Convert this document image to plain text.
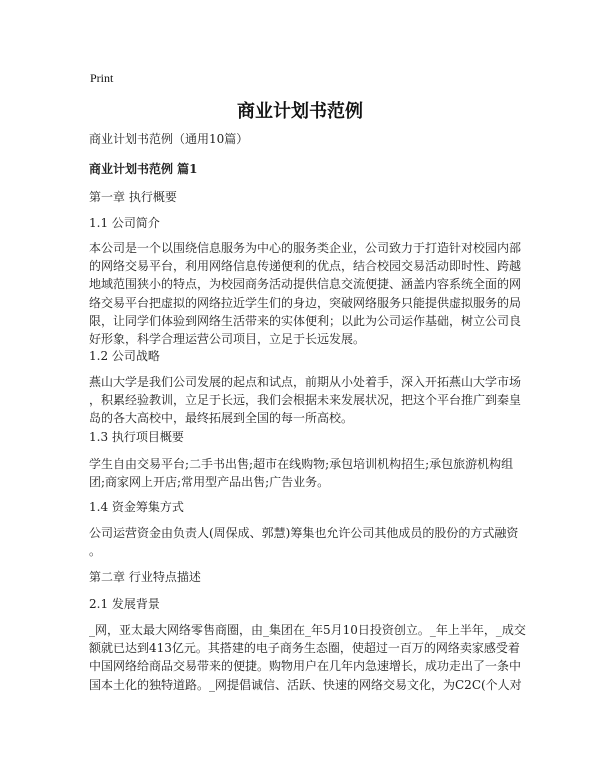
Print
商业计划书范例
商业计划书范例（通用10篇）
商业计划书范例 篇1
第一章 执行概要
1.1 公司简介
本公司是一个以围绕信息服务为中心的服务类企业，公司致力于打造针对校园内部
的网络交易平台，利用网络信息传递便利的优点，结合校园交易活动即时性、跨越
地域范围狭小的特点，为校园商务活动提供信息交流便捷、涵盖内容系统全面的网
络交易平台把虚拟的网络拉近学生们的身边，突破网络服务只能提供虚拟服务的局
限，让同学们体验到网络生活带来的实体便利；以此为公司运作基础，树立公司良
好形象，科学合理运营公司项目，立足于长远发展。
1.2 公司战略
燕山大学是我们公司发展的起点和试点，前期从小处着手，深入开拓燕山大学市场
，积累经验教训，立足于长远，我们会根据未来发展状况，把这个平台推广到秦皇
岛的各大高校中，最终拓展到全国的每一所高校。
1.3 执行项目概要
学生自由交易平台;二手书出售;超市在线购物;承包培训机构招生;承包旅游机构组
团;商家网上开店;常用型产品出售;广告业务。
1.4 资金筹集方式
公司运营资金由负责人(周保成、郭慧)筹集也允许公司其他成员的股份的方式融资
。
第二章 行业特点描述
2.1 发展背景
_网，亚太最大网络零售商圈，由_集团在_年5月10日投资创立。_年上半年，_成交
额就已达到413亿元。其搭建的电子商务生态圈，使超过一百万的网络卖家感受着
中国网络给商品交易带来的便捷。购物用户在几年内急速增长，成功走出了一条中
国本土化的独特道路。_网提倡诚信、活跃、快速的网络交易文化，为C2C(个人对
